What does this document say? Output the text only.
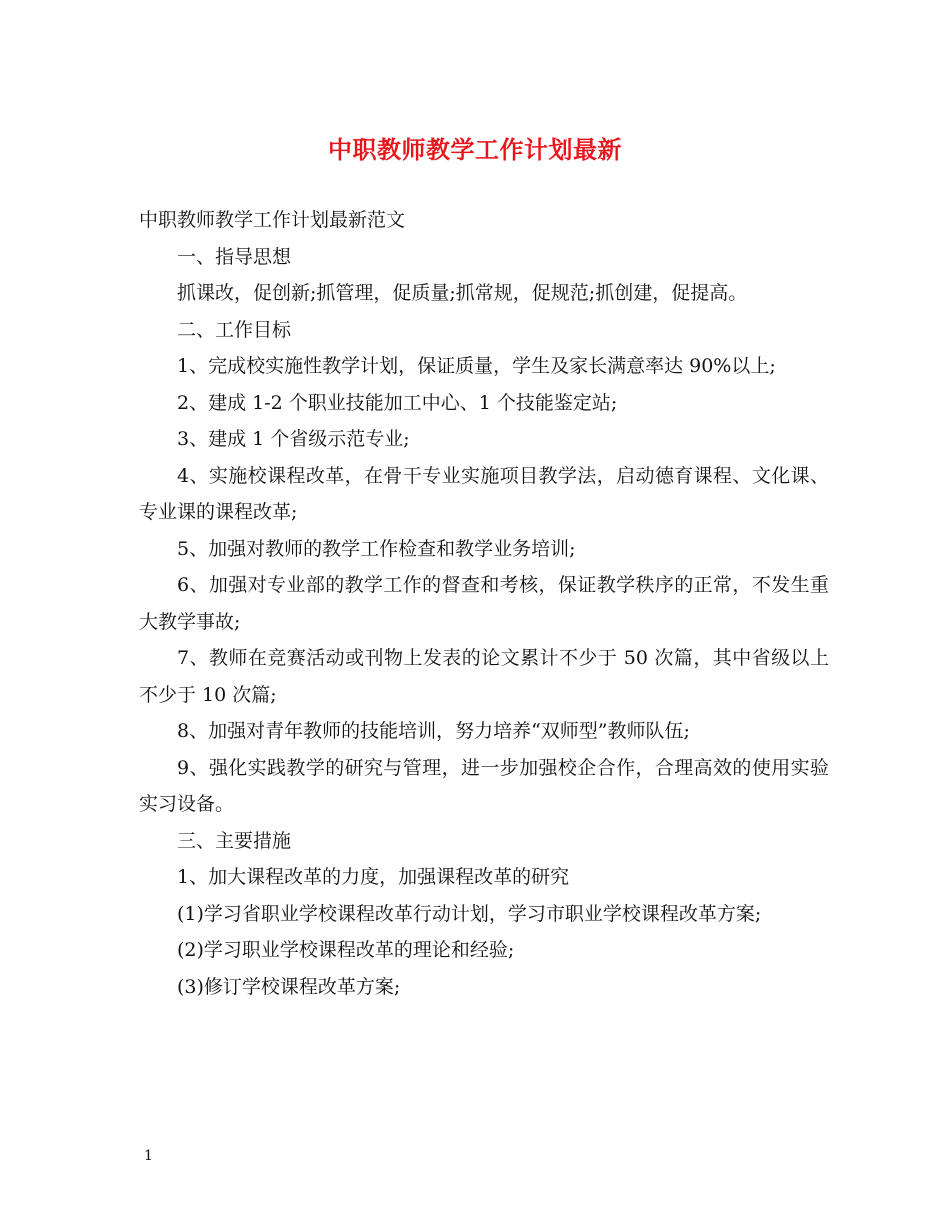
中职教师教学工作计划最新

中职教师教学工作计划最新范文

一、指导思想

抓课改，促创新;抓管理，促质量;抓常规，促规范;抓创建，促提高。

二、工作目标

1、完成校实施性教学计划，保证质量，学生及家长满意率达 90%以上;

2、建成 1-2 个职业技能加工中心、1 个技能鉴定站;

3、建成 1 个省级示范专业;

4、实施校课程改革，在骨干专业实施项目教学法，启动德育课程、文化课、专业课的课程改革;

5、加强对教师的教学工作检查和教学业务培训;

6、加强对专业部的教学工作的督查和考核，保证教学秩序的正常，不发生重大教学事故;

7、教师在竞赛活动或刊物上发表的论文累计不少于 50 次篇，其中省级以上不少于 10 次篇;

8、加强对青年教师的技能培训，努力培养“双师型”教师队伍;

9、强化实践教学的研究与管理，进一步加强校企合作，合理高效的使用实验实习设备。

三、主要措施

1、加大课程改革的力度，加强课程改革的研究

(1)学习省职业学校课程改革行动计划，学习市职业学校课程改革方案;

(2)学习职业学校课程改革的理论和经验;

(3)修订学校课程改革方案;

1
